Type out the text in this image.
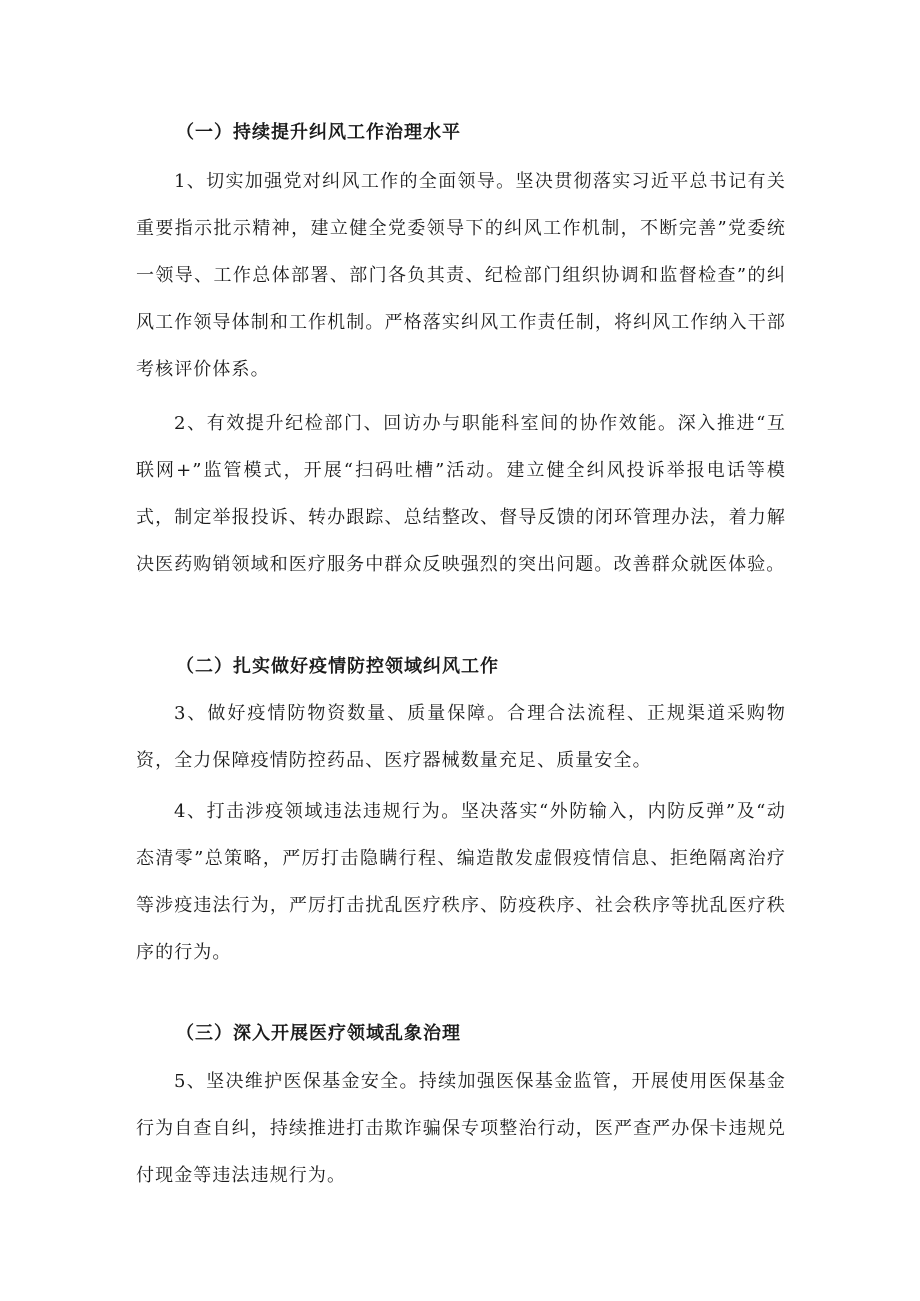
（一）持续提升纠风工作治理水平
1、切实加强党对纠风工作的全面领导。坚决贯彻落实习近平总书记有关重要指示批示精神，建立健全党委领导下的纠风工作机制，不断完善”党委统一领导、工作总体部署、部门各负其责、纪检部门组织协调和监督检查”的纠风工作领导体制和工作机制。严格落实纠风工作责任制，将纠风工作纳入干部考核评价体系。
2、有效提升纪检部门、回访办与职能科室间的协作效能。深入推进“互联网+”监管模式，开展“扫码吐槽”活动。建立健全纠风投诉举报电话等模式，制定举报投诉、转办跟踪、总结整改、督导反馈的闭环管理办法，着力解决医药购销领域和医疗服务中群众反映强烈的突出问题。改善群众就医体验。
（二）扎实做好疫情防控领域纠风工作
3、做好疫情防物资数量、质量保障。合理合法流程、正规渠道采购物资，全力保障疫情防控药品、医疗器械数量充足、质量安全。
4、打击涉疫领域违法违规行为。坚决落实“外防输入，内防反弹”及“动态清零”总策略，严厉打击隐瞒行程、编造散发虚假疫情信息、拒绝隔离治疗等涉疫违法行为，严厉打击扰乱医疗秩序、防疫秩序、社会秩序等扰乱医疗秩序的行为。
（三）深入开展医疗领域乱象治理
5、坚决维护医保基金安全。持续加强医保基金监管，开展使用医保基金行为自查自纠，持续推进打击欺诈骗保专项整治行动，医严查严办保卡违规兑付现金等违法违规行为。
